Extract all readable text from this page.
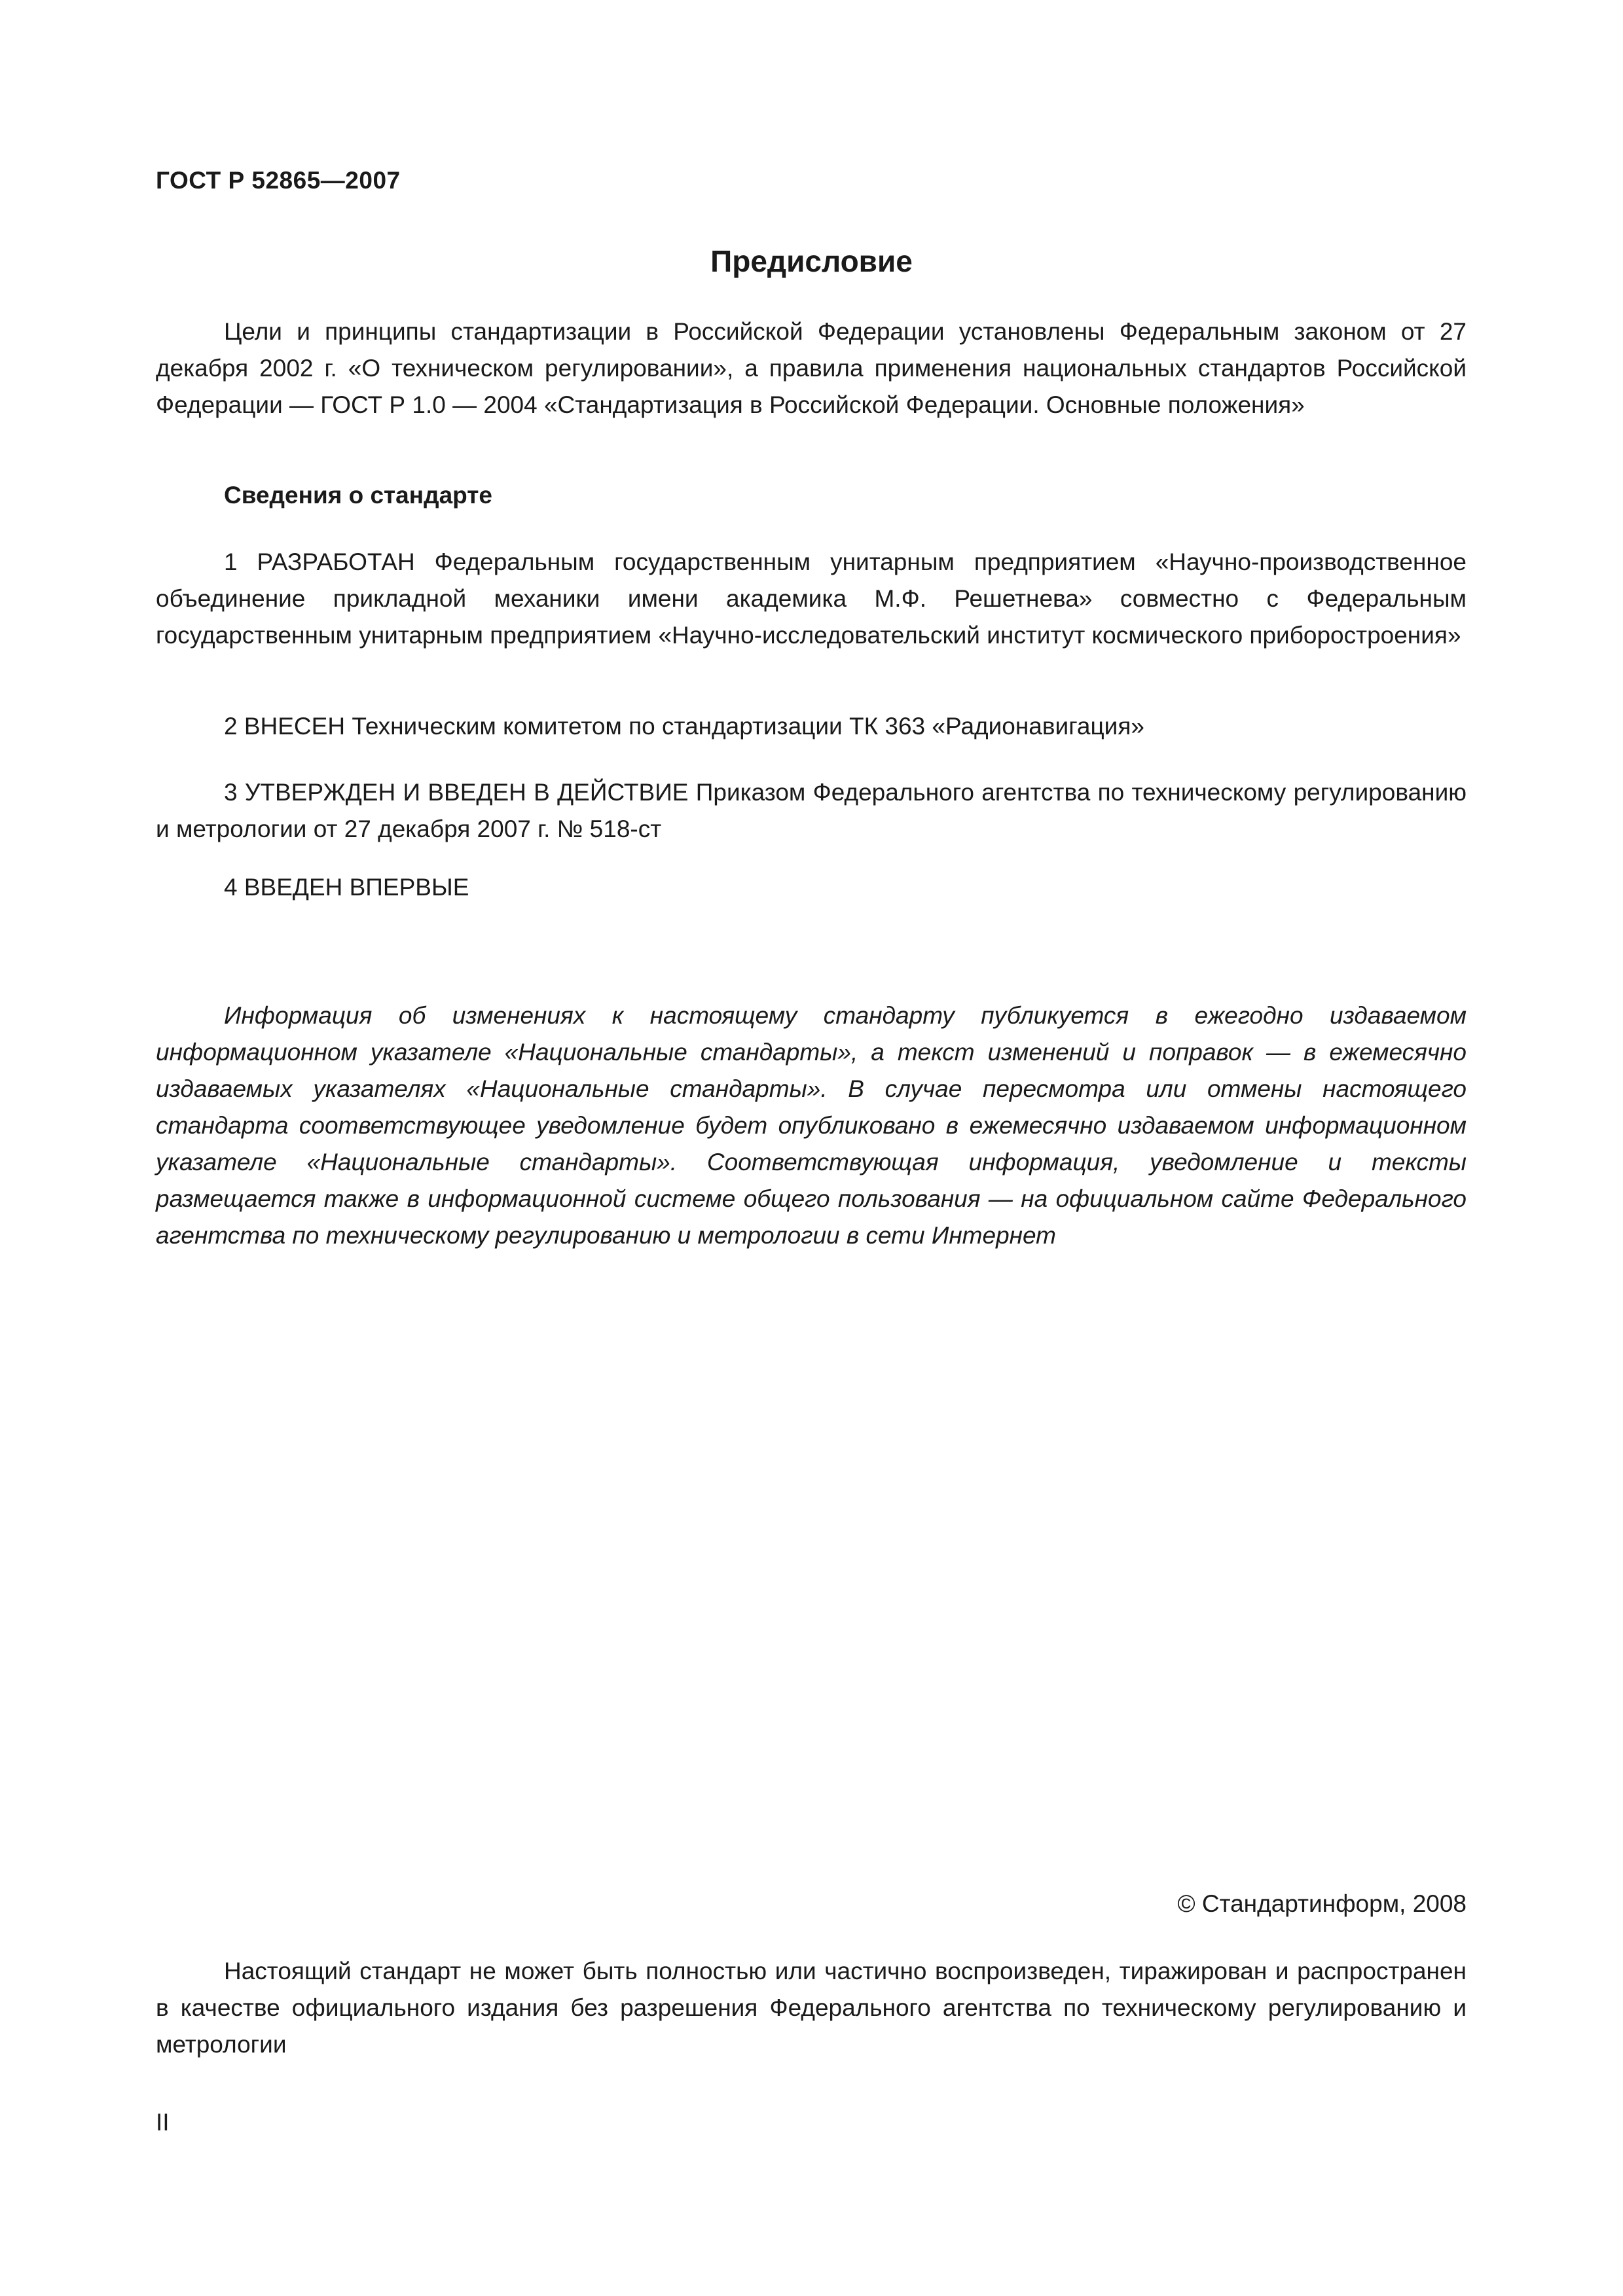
ГОСТ Р 52865—2007
Предисловие
Цели и принципы стандартизации в Российской Федерации установлены Федеральным законом от 27 декабря 2002 г. «О техническом регулировании», а правила применения национальных стандартов Российской Федерации — ГОСТ Р 1.0 — 2004 «Стандартизация в Российской Федерации. Основные положения»
Сведения о стандарте
1 РАЗРАБОТАН Федеральным государственным унитарным предприятием «Научно-производственное объединение прикладной механики имени академика М.Ф. Решетнева» совместно с Федеральным государственным унитарным предприятием «Научно-исследовательский институт космического приборостроения»
2 ВНЕСЕН Техническим комитетом по стандартизации ТК 363 «Радионавигация»
3 УТВЕРЖДЕН И ВВЕДЕН В ДЕЙСТВИЕ Приказом Федерального агентства по техническому регулированию и метрологии от 27 декабря 2007 г. № 518-ст
4 ВВЕДЕН ВПЕРВЫЕ
Информация об изменениях к настоящему стандарту публикуется в ежегодно издаваемом информационном указателе «Национальные стандарты», а текст изменений и поправок — в ежемесячно издаваемых указателях «Национальные стандарты». В случае пересмотра или отмены настоящего стандарта соответствующее уведомление будет опубликовано в ежемесячно издаваемом информационном указателе «Национальные стандарты». Соответствующая информация, уведомление и тексты размещается также в информационной системе общего пользования — на официальном сайте Федерального агентства по техническому регулированию и метрологии в сети Интернет
© Стандартинформ, 2008
Настоящий стандарт не может быть полностью или частично воспроизведен, тиражирован и распространен в качестве официального издания без разрешения Федерального агентства по техническому регулированию и метрологии
II
